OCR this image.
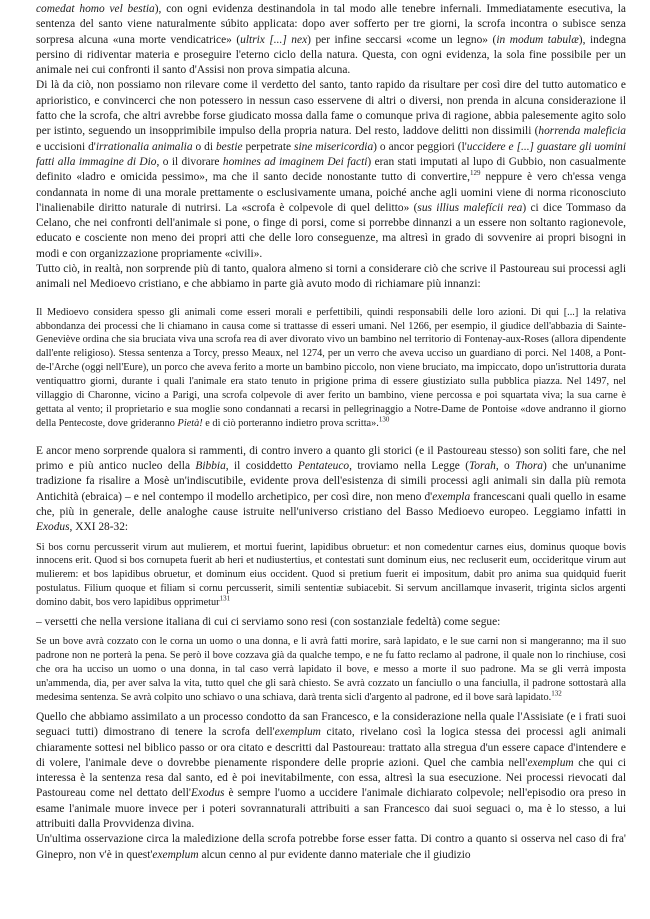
comedat homo vel bestia), con ogni evidenza destinandola in tal modo alle tenebre infernali. Immediatamente esecutiva, la sentenza del santo viene naturalmente súbito applicata: dopo aver sofferto per tre giorni, la scrofa incontra o subisce senza sorpresa alcuna «una morte vendicatrice» (ultrix [...] nex) per infine seccarsi «come un legno» (in modum tabulæ), indegna persino di ridiventar materia e proseguire l'eterno ciclo della natura. Questa, con ogni evidenza, la sola fine possibile per un animale nei cui confronti il santo d'Assisi non prova simpatia alcuna.

Di là da ciò, non possiamo non rilevare come il verdetto del santo, tanto rapido da risultare per così dire del tutto automatico e aprioristico, e convincerci che non potessero in nessun caso esservene di altri o diversi, non prenda in alcuna considerazione il fatto che la scrofa, che altri avrebbe forse giudicato mossa dalla fame o comunque priva di ragione, abbia palesemente agito solo per istinto, seguendo un insopprimibile impulso della propria natura. Del resto, laddove delitti non dissimili (horrenda maleficia e uccisioni d'irrationalia animalia o di bestie perpetrate sine misericordia) o ancor peggiori (l'uccidere e [...] guastare gli uomini fatti alla immagine di Dio, o il divorare homines ad imaginem Dei facti) eran stati imputati al lupo di Gubbio, non casualmente definito «ladro e omicida pessimo», ma che il santo decide nonostante tutto di convertire,$^{129}$ neppure è vero ch'essa venga condannata in nome di una morale prettamente o esclusivamente umana, poiché anche agli uomini viene di norma riconosciuto l'inalienabile diritto naturale di nutrirsi. La «scrofa è colpevole di quel delitto» (sus illius malefícii rea) ci dice Tommaso da Celano, che nei confronti dell'animale si pone, o finge di porsi, come si porrebbe dinnanzi a un essere non soltanto ragionevole, educato e cosciente non meno dei propri atti che delle loro conseguenze, ma altresì in grado di sovvenire ai propri bisogni in modi e con organizzazione propriamente «civili».

Tutto ciò, in realtà, non sorprende più di tanto, qualora almeno si torni a considerare ciò che scrive il Pastoureau sui processi agli animali nel Medioevo cristiano, e che abbiamo in parte già avuto modo di richiamare più innanzi:

Il Medioevo considera spesso gli animali come esseri morali e perfettibili, quindi responsabili delle loro azioni. Di qui [...] la relativa abbondanza dei processi che li chiamano in causa come si trattasse di esseri umani. Nel 1266, per esempio, il giudice dell'abbazia di Sainte-Geneviève ordina che sia bruciata viva una scrofa rea di aver divorato vivo un bambino nel territorio di Fontenay-aux-Roses (allora dipendente dall'ente religioso). Stessa sentenza a Torcy, presso Meaux, nel 1274, per un verro che aveva ucciso un guardiano di porci. Nel 1408, a Pont-de-l'Arche (oggi nell'Eure), un porco che aveva ferito a morte un bambino piccolo, non viene bruciato, ma impiccato, dopo un'istruttoria durata ventiquattro giorni, durante i quali l'animale era stato tenuto in prigione prima di essere giustiziato sulla pubblica piazza. Nel 1497, nel villaggio di Charonne, vicino a Parigi, una scrofa colpevole di aver ferito un bambino, viene percossa e poi squartata viva; la sua carne è gettata al vento; il proprietario e sua moglie sono condannati a recarsi in pellegrinaggio a Notre-Dame de Pontoise «dove andranno il giorno della Pentecoste, dove grideranno Pietà! e di ciò porteranno indietro prova scritta».$^{130}$

E ancor meno sorprende qualora si rammenti, di contro invero a quanto gli storici (e il Pastoureau stesso) son soliti fare, che nel primo e più antico nucleo della Bibbia, il cosiddetto Pentateuco, troviamo nella Legge (Torah, o Thora) che un'unanime tradizione fa risalire a Mosè un'indiscutibile, evidente prova dell'esistenza di simili processi agli animali sin dalla più remota Antichità (ebraica) – e nel contempo il modello archetipico, per così dire, non meno d'exempla francescani quali quello in esame che, più in generale, delle analoghe cause istruite nell'universo cristiano del Basso Medioevo europeo. Leggiamo infatti in Exodus, XXI 28-32:

Si bos cornu percusserit virum aut mulierem, et mortui fuerint, lapidibus obruetur: et non comedentur carnes eius, dominus quoque bovis innocens erit. Quod si bos cornupeta fuerit ab heri et nudiustertius, et contestati sunt dominum eius, nec recluserit eum, occideritque virum aut mulierem: et bos lapidibus obruetur, et dominum eius occident. Quod si pretium fuerit ei impositum, dabit pro anima sua quidquid fuerit postulatus. Filium quoque et filiam si cornu percusserit, simili sententiæ subiacebit. Si servum ancillamque invaserit, triginta siclos argenti domino dabit, bos vero lapidibus opprimetur$^{131}$

– versetti che nella versione italiana di cui ci serviamo sono resi (con sostanziale fedeltà) come segue:

Se un bove avrà cozzato con le corna un uomo o una donna, e li avrà fatti morire, sarà lapidato, e le sue carni non si mangeranno; ma il suo padrone non ne porterà la pena. Se però il bove cozzava già da qualche tempo, e ne fu fatto reclamo al padrone, il quale non lo rinchiuse, così che ora ha ucciso un uomo o una donna, in tal caso verrà lapidato il bove, e messo a morte il suo padrone. Ma se gli verrà imposta un'ammenda, dia, per aver salva la vita, tutto quel che gli sarà chiesto. Se avrà cozzato un fanciullo o una fanciulla, il padrone sottostarà alla medesima sentenza. Se avrà colpito uno schiavo o una schiava, darà trenta sicli d'argento al padrone, ed il bove sarà lapidato.$^{132}$

Quello che abbiamo assimilato a un processo condotto da san Francesco, e la considerazione nella quale l'Assisiate (e i frati suoi seguaci tutti) dimostrano di tenere la scrofa dell'exemplum citato, rivelano così la logica stessa dei processi agli animali chiaramente sottesi nel biblico passo or ora citato e descritti dal Pastoureau: trattato alla stregua d'un essere capace d'intendere e di volere, l'animale deve o dovrebbe pienamente rispondere delle proprie azioni. Quel che cambia nell'exemplum che qui ci interessa è la sentenza resa dal santo, ed è poi inevitabilmente, con essa, altresì la sua esecuzione. Nei processi rievocati dal Pastoureau come nel dettato dell'Exodus è sempre l'uomo a uccidere l'animale dichiarato colpevole; nell'episodio ora preso in esame l'animale muore invece per i poteri sovrannaturali attribuiti a san Francesco dai suoi seguaci o, ma è lo stesso, a lui attribuiti dalla Provvidenza divina.

Un'ultima osservazione circa la maledizione della scrofa potrebbe forse esser fatta. Di contro a quanto si osserva nel caso di fra' Ginepro, non v'è in quest'exemplum alcun cenno al pur evidente danno materiale che il giudizio
